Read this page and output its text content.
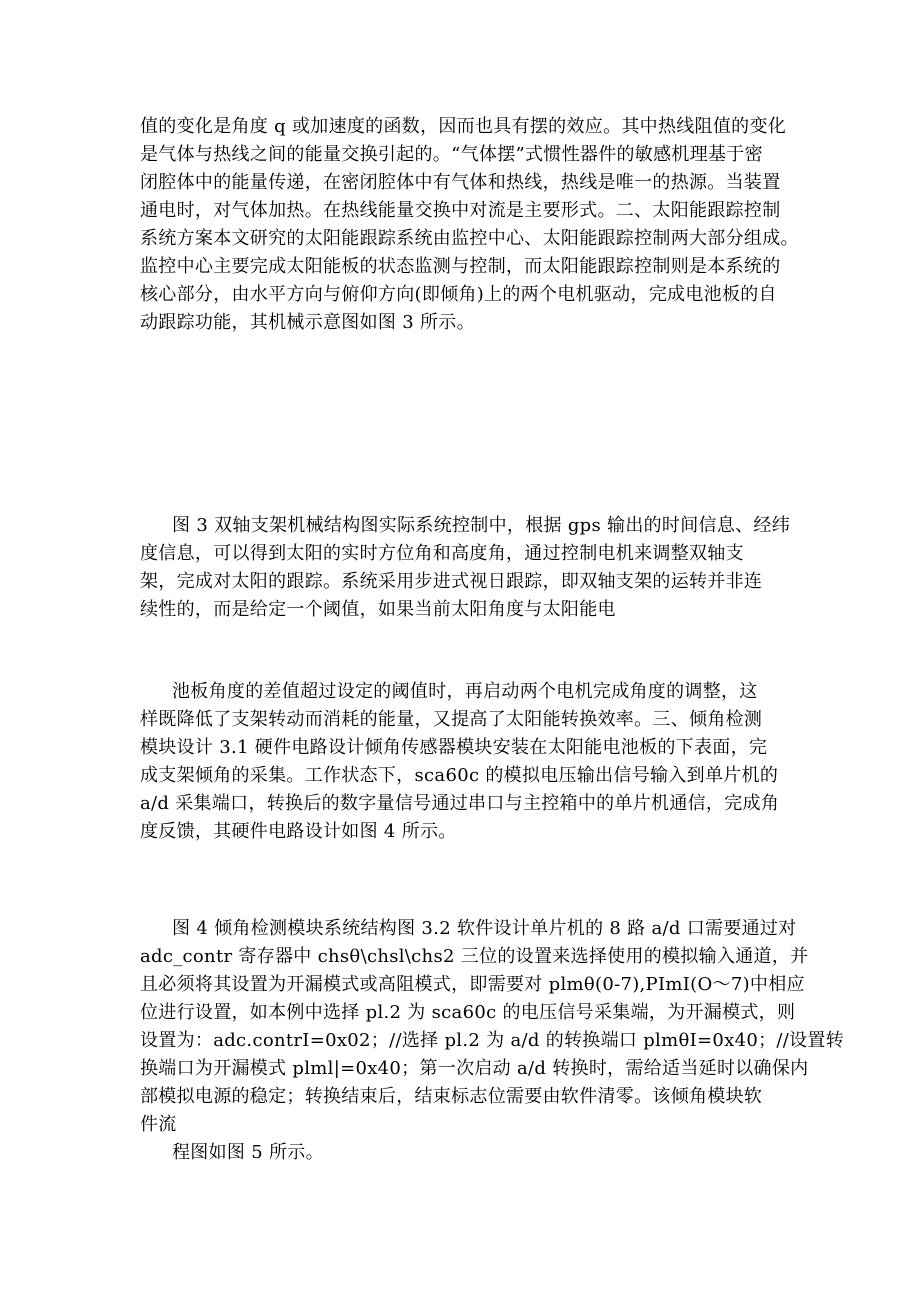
值的变化是角度 q 或加速度的函数，因而也具有摆的效应。其中热线阻值的变化
是气体与热线之间的能量交换引起的。“气体摆”式惯性器件的敏感机理基于密
闭腔体中的能量传递，在密闭腔体中有气体和热线，热线是唯一的热源。当装置
通电时，对气体加热。在热线能量交换中对流是主要形式。二、太阳能跟踪控制
系统方案本文研究的太阳能跟踪系统由监控中心、太阳能跟踪控制两大部分组成。
监控中心主要完成太阳能板的状态监测与控制，而太阳能跟踪控制则是本系统的
核心部分，由水平方向与俯仰方向(即倾角)上的两个电机驱动，完成电池板的自
动跟踪功能，其机械示意图如图 3 所示。
图 3 双轴支架机械结构图实际系统控制中，根据 gps 输出的时间信息、经纬
度信息，可以得到太阳的实时方位角和高度角，通过控制电机来调整双轴支
架，完成对太阳的跟踪。系统采用步进式视日跟踪，即双轴支架的运转并非连
续性的，而是给定一个阈值，如果当前太阳角度与太阳能电
池板角度的差值超过设定的阈值时，再启动两个电机完成角度的调整，这
样既降低了支架转动而消耗的能量，又提高了太阳能转换效率。三、倾角检测
模块设计 3.1 硬件电路设计倾角传感器模块安装在太阳能电池板的下表面，完
成支架倾角的采集。工作状态下，sca60c 的模拟电压输出信号输入到单片机的
a/d 采集端口，转换后的数字量信号通过串口与主控箱中的单片机通信，完成角
度反馈，其硬件电路设计如图 4 所示。
图 4 倾角检测模块系统结构图 3.2 软件设计单片机的 8 路 a/d 口需要通过对
adc_contr 寄存器中 chsθ\chsl\chs2 三位的设置来选择使用的模拟输入通道，并
且必须将其设置为开漏模式或高阻模式，即需要对 plmθ(0-7),PImI(O～7)中相应
位进行设置，如本例中选择 pl.2 为 sca60c 的电压信号采集端，为开漏模式，则
设置为：adc.contrI=0x02；//选择 pl.2 为 a/d 的转换端口 plmθI=0x40；//设置转
换端口为开漏模式 plml|=0x40；第一次启动 a/d 转换时，需给适当延时以确保内
部模拟电源的稳定；转换结束后，结束标志位需要由软件清零。该倾角模块软
件流
程图如图 5 所示。
